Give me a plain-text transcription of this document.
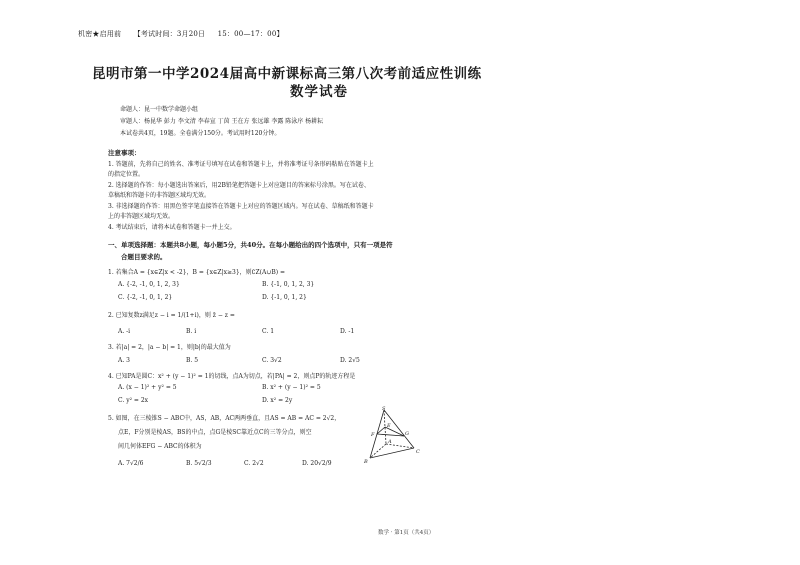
机密★启用前 【考试时间：3月20日 15：00—17：00】
昆明市第一中学2024届高中新课标高三第八次考前适应性训练
数学试卷
命题人：昆一中数学命题小组
审题人：杨昆华 彭力 李文清 李春宣 丁茵 王在方 张远雄 李露 陈泳序 杨耕耘
本试卷共4页，19题。全卷满分150分。考试用时120分钟。
注意事项：
1. 答题前，先将自己的姓名、准考证号填写在试卷和答题卡上，并将准考证号条形码粘贴在答题卡上
的指定位置。
2. 选择题的作答：每小题选出答案后，用2B铅笔把答题卡上对应题目的答案标号涂黑。写在试卷、
草稿纸和答题卡的非答题区域均无效。
3. 非选择题的作答：用黑色签字笔直接答在答题卡上对应的答题区域内。写在试卷、草稿纸和答题卡
上的非答题区域均无效。
4. 考试结束后，请将本试卷和答题卡一并上交。
一、单项选择题：本题共8小题，每小题5分，共40分。在每小题给出的四个选项中，只有一项是符
合题目要求的。
1. 若集合A = {x∈Z|x < -2}，B = {x∈Z|x≥3}，则∁Z(A∪B) =
A. {-2, -1, 0, 1, 2, 3}	B. {-1, 0, 1, 2, 3}
C. {-2, -1, 0, 1, 2}	D. {-1, 0, 1, 2}
2. 已知复数z满足z − i = 1/(1+i)，则 z̄ − z =
A. -i	B. i	C. 1	D. -1
3. 若|a| = 2，|a − b| = 1，则|b|的最大值为
A. 3	B. 5	C. 3√2	D. 2√5
4. 已知PA是圆C：x² + (y − 1)² = 1的切线，点A为切点，若|PA| = 2，则点P的轨迹方程是
A. (x − 1)² + y² = 5	B. x² + (y − 1)² = 5
C. y² = 2x	D. x² = 2y
5. 如图，在三棱锥S − ABC中，AS，AB，AC两两垂直，且AS = AB = AC = 2√2，
点E，F分别是棱AS，BS的中点，点G是棱SC靠近点C的三等分点，则空
间几何体EFG − ABC的体积为
A. 7√2/6	B. 5√2/3	C. 2√2	D. 20√2/9
S
F
E
G
A
B
C
数学 · 第1页（共4页）
